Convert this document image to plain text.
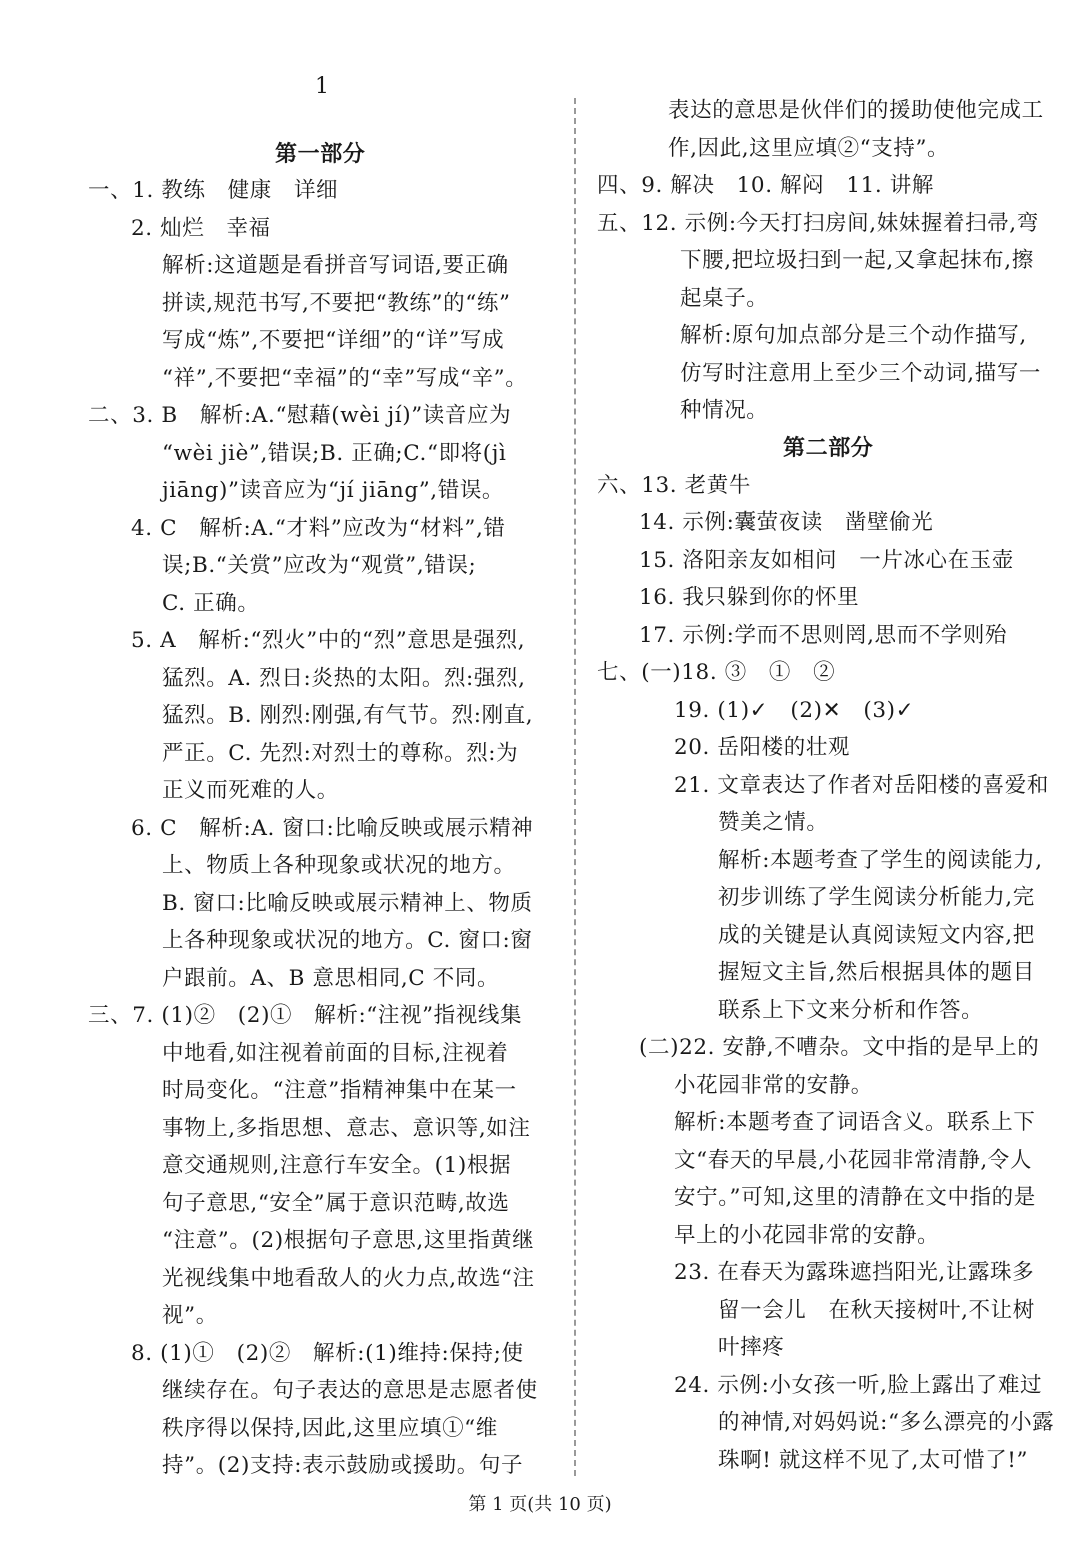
1
第一部分
一、1. 教练　健康　详细
2. 灿烂　幸福
解析:这道题是看拼音写词语,要正确
拼读,规范书写,不要把“教练”的“练”
写成“炼”,不要把“详细”的“详”写成
“祥”,不要把“幸福”的“幸”写成“辛”。
二、3. B　解析:A.“慰藉(wèi jí)”读音应为
“wèi jiè”,错误;B. 正确;C.“即将(jì
jiāng)”读音应为“jí jiāng”,错误。
4. C　解析:A.“才料”应改为“材料”,错
误;B.“关赏”应改为“观赏”,错误;
C. 正确。
5. A　解析:“烈火”中的“烈”意思是强烈,
猛烈。A. 烈日:炎热的太阳。烈:强烈,
猛烈。B. 刚烈:刚强,有气节。烈:刚直,
严正。C. 先烈:对烈士的尊称。烈:为
正义而死难的人。
6. C　解析:A. 窗口:比喻反映或展示精神
上、物质上各种现象或状况的地方。
B. 窗口:比喻反映或展示精神上、物质
上各种现象或状况的地方。C. 窗口:窗
户跟前。A、B 意思相同,C 不同。
三、7. (1)②　(2)①　解析:“注视”指视线集
中地看,如注视着前面的目标,注视着
时局变化。“注意”指精神集中在某一
事物上,多指思想、意志、意识等,如注
意交通规则,注意行车安全。(1)根据
句子意思,“安全”属于意识范畴,故选
“注意”。(2)根据句子意思,这里指黄继
光视线集中地看敌人的火力点,故选“注
视”。
8. (1)①　(2)②　解析:(1)维持:保持;使
继续存在。句子表达的意思是志愿者使
秩序得以保持,因此,这里应填①“维
持”。(2)支持:表示鼓励或援助。句子
表达的意思是伙伴们的援助使他完成工
作,因此,这里应填②“支持”。
四、9. 解决　10. 解闷　11. 讲解
五、12. 示例:今天打扫房间,妹妹握着扫帚,弯
下腰,把垃圾扫到一起,又拿起抹布,擦
起桌子。
解析:原句加点部分是三个动作描写,
仿写时注意用上至少三个动词,描写一
种情况。
第二部分
六、13. 老黄牛
14. 示例:囊萤夜读　凿壁偷光
15. 洛阳亲友如相问　一片冰心在玉壶
16. 我只躲到你的怀里
17. 示例:学而不思则罔,思而不学则殆
七、(一)18. ③　①　②
19. (1)✓　(2)✕　(3)✓
20. 岳阳楼的壮观
21. 文章表达了作者对岳阳楼的喜爱和
赞美之情。
解析:本题考查了学生的阅读能力,
初步训练了学生阅读分析能力,完
成的关键是认真阅读短文内容,把
握短文主旨,然后根据具体的题目
联系上下文来分析和作答。
(二)22. 安静,不嘈杂。文中指的是早上的
小花园非常的安静。
解析:本题考查了词语含义。联系上下
文“春天的早晨,小花园非常清静,令人
安宁。”可知,这里的清静在文中指的是
早上的小花园非常的安静。
23. 在春天为露珠遮挡阳光,让露珠多
留一会儿　在秋天接树叶,不让树
叶摔疼
24. 示例:小女孩一听,脸上露出了难过
的神情,对妈妈说:“多么漂亮的小露
珠啊! 就这样不见了,太可惜了!”
第 1 页(共 10 页)
